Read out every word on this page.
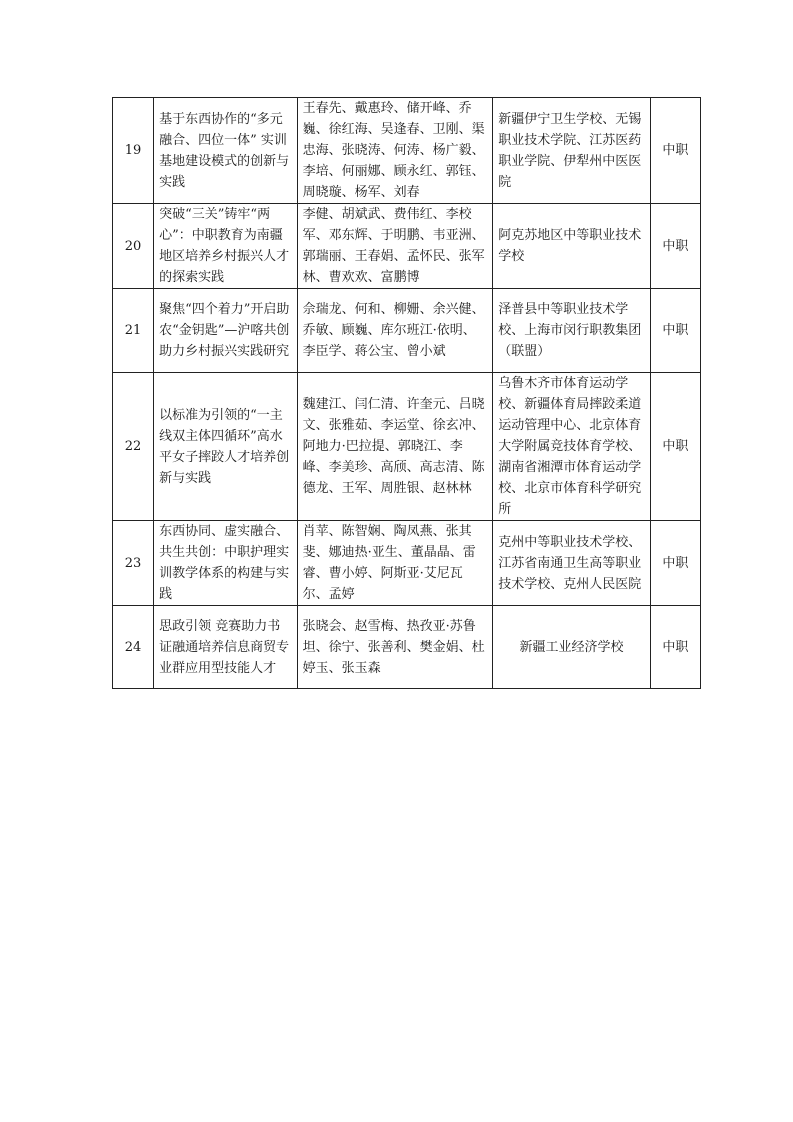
19	基于东西协作的“多元融合、四位一体” 实训基地建设模式的创新与实践	王春先、戴惠玲、储开峰、乔巍、徐红海、吴逢春、卫刚、渠忠海、张晓涛、何涛、杨广毅、李培、何丽娜、顾永红、郭钰、周晓璇、杨军、刘春	新疆伊宁卫生学校、无锡职业技术学院、江苏医药职业学院、伊犁州中医医院	中职
20	突破“三关”铸牢“两心”：中职教育为南疆地区培养乡村振兴人才的探索实践	李健、胡斌武、费伟红、李校军、邓东辉、于明鹏、韦亚洲、郭瑞丽、王春娟、孟怀民、张军林、曹欢欢、富鹏博	阿克苏地区中等职业技术学校	中职
21	聚焦“四个着力”开启助农“金钥匙”—沪喀共创助力乡村振兴实践研究	佘瑞龙、何和、柳姗、余兴健、乔敏、顾巍、库尔班江·依明、李臣学、蒋公宝、曾小斌	泽普县中等职业技术学校、上海市闵行职教集团（联盟）	中职
22	以标准为引领的“一主线双主体四循环”高水平女子摔跤人才培养创新与实践	魏建江、闫仁清、许奎元、吕晓文、张雅茹、李运堂、徐玄冲、阿地力·巴拉提、郭晓江、李峰、李美珍、高颀、高志清、陈德龙、王军、周胜银、赵林林	乌鲁木齐市体育运动学校、新疆体育局摔跤柔道运动管理中心、北京体育大学附属竞技体育学校、湖南省湘潭市体育运动学校、北京市体育科学研究所	中职
23	东西协同、虚实融合、共生共创：中职护理实训教学体系的构建与实践	肖苹、陈智娴、陶凤燕、张其斐、娜迪热·亚生、董晶晶、雷睿、曹小婷、阿斯亚·艾尼瓦尔、孟婷	克州中等职业技术学校、江苏省南通卫生高等职业技术学校、克州人民医院	中职
24	思政引领 竞赛助力书证融通培养信息商贸专业群应用型技能人才	张晓会、赵雪梅、热孜亚·苏鲁坦、徐宁、张善利、樊金娟、杜婷玉、张玉森	新疆工业经济学校	中职
